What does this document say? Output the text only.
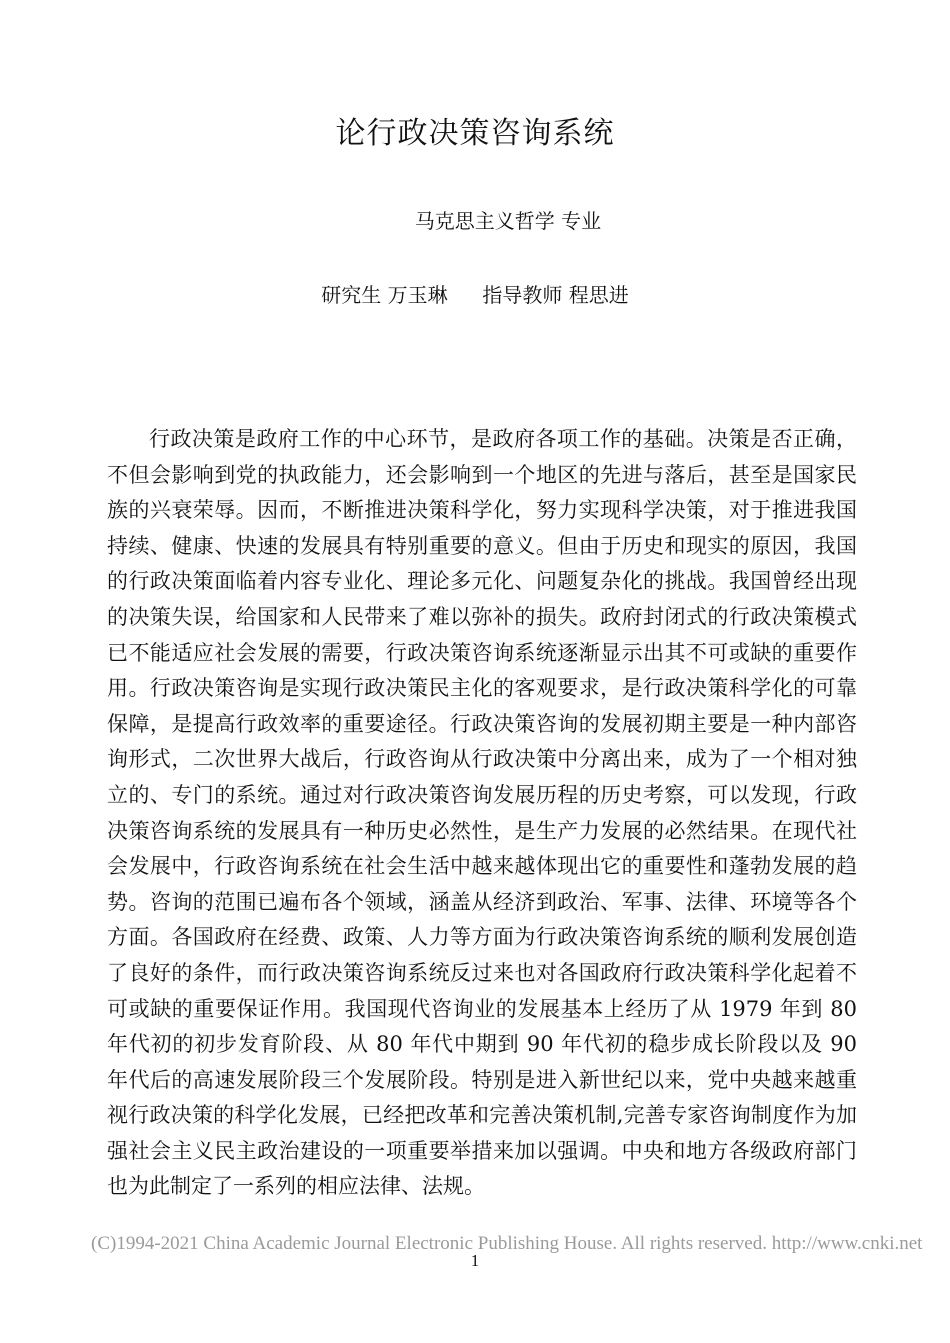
论行政决策咨询系统
马克思主义哲学 专业
研究生 万玉琳 指导教师 程思进

行政决策是政府工作的中心环节，是政府各项工作的基础。决策是否正确，不但会影响到党的执政能力，还会影响到一个地区的先进与落后，甚至是国家民族的兴衰荣辱。因而，不断推进决策科学化，努力实现科学决策，对于推进我国持续、健康、快速的发展具有特别重要的意义。但由于历史和现实的原因，我国的行政决策面临着内容专业化、理论多元化、问题复杂化的挑战。我国曾经出现的决策失误，给国家和人民带来了难以弥补的损失。政府封闭式的行政决策模式已不能适应社会发展的需要，行政决策咨询系统逐渐显示出其不可或缺的重要作用。行政决策咨询是实现行政决策民主化的客观要求，是行政决策科学化的可靠保障，是提高行政效率的重要途径。行政决策咨询的发展初期主要是一种内部咨询形式，二次世界大战后，行政咨询从行政决策中分离出来，成为了一个相对独立的、专门的系统。通过对行政决策咨询发展历程的历史考察，可以发现，行政决策咨询系统的发展具有一种历史必然性，是生产力发展的必然结果。在现代社会发展中，行政咨询系统在社会生活中越来越体现出它的重要性和蓬勃发展的趋势。咨询的范围已遍布各个领域，涵盖从经济到政治、军事、法律、环境等各个方面。各国政府在经费、政策、人力等方面为行政决策咨询系统的顺利发展创造了良好的条件，而行政决策咨询系统反过来也对各国政府行政决策科学化起着不可或缺的重要保证作用。我国现代咨询业的发展基本上经历了从 1979 年到 80 年代初的初步发育阶段、从 80 年代中期到 90 年代初的稳步成长阶段以及 90 年代后的高速发展阶段三个发展阶段。特别是进入新世纪以来，党中央越来越重视行政决策的科学化发展，已经把改革和完善决策机制,完善专家咨询制度作为加强社会主义民主政治建设的一项重要举措来加以强调。中央和地方各级政府部门也为此制定了一系列的相应法律、法规。

(C)1994-2021 China Academic Journal Electronic Publishing House. All rights reserved. http://www.cnki.net
1
